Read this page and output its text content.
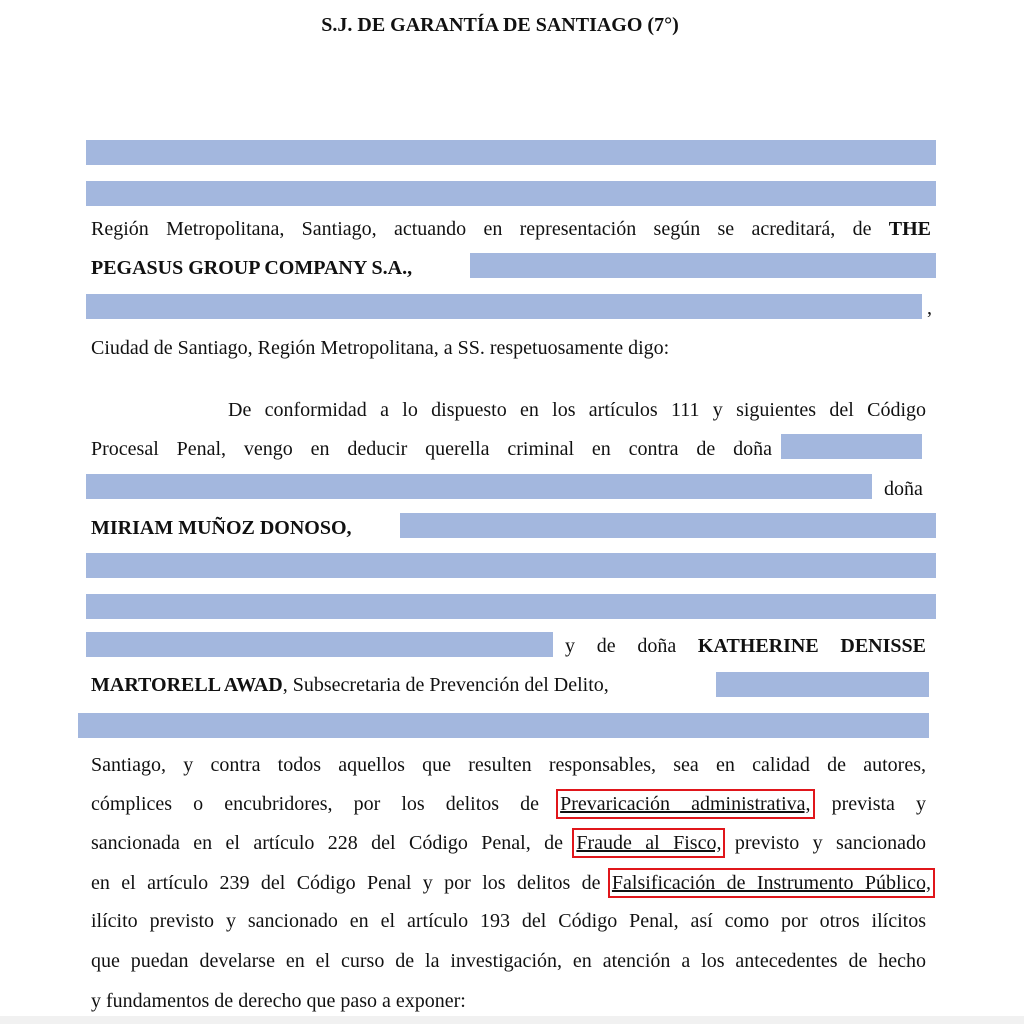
S.J. DE GARANTÍA DE SANTIAGO (7°)
Región Metropolitana, Santiago, actuando en representación según se acreditará, de THE
PEGASUS GROUP COMPANY S.A.,
,
Ciudad de Santiago, Región Metropolitana, a SS. respetuosamente digo:
De conformidad a lo dispuesto en los artículos 111 y siguientes del Código
Procesal Penal, vengo en deducir querella criminal en contra de doña
doña
MIRIAM MUÑOZ DONOSO,
y de doña KATHERINE DENISSE
MARTORELL AWAD, Subsecretaria de Prevención del Delito,
Santiago, y contra todos aquellos que resulten responsables, sea en calidad de autores,
cómplices o encubridores, por los delitos de Prevaricación administrativa, prevista y
sancionada en el artículo 228 del Código Penal, de Fraude al Fisco, previsto y sancionado
en el artículo 239 del Código Penal y por los delitos de Falsificación de Instrumento Público,
ilícito previsto y sancionado en el artículo 193 del Código Penal, así como por otros ilícitos
que puedan develarse en el curso de la investigación, en atención a los antecedentes de hecho
y fundamentos de derecho que paso a exponer:
